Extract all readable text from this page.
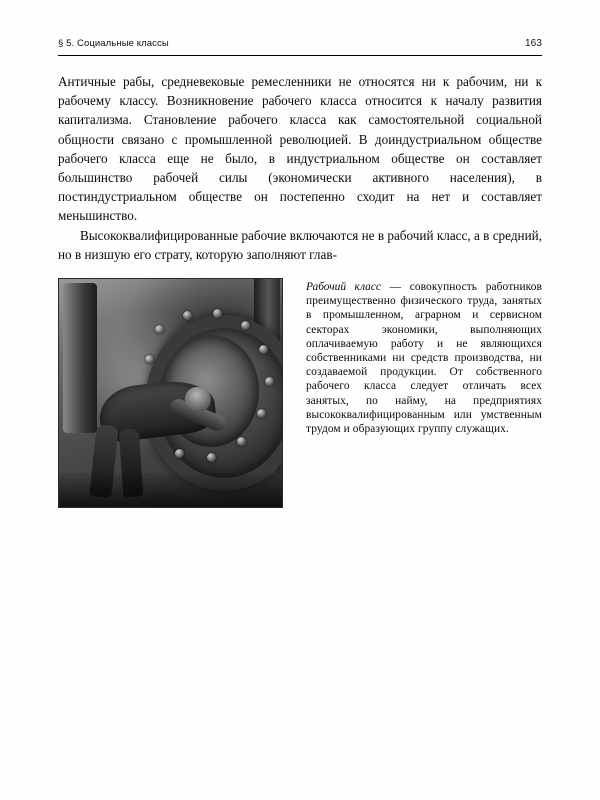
§ 5. Социальные классы	163

Античные рабы, средневековые ремесленники не относятся ни к рабочим, ни к рабочему классу. Возникновение рабочего класса относится к началу развития капитализма. Становление рабочего класса как самостоятельной социальной общности связано с промышленной революцией. В доиндустриальном обществе рабочего класса еще не было, в индустриальном обществе он составляет большинство рабочей силы (экономически активного населения), в постиндустриальном обществе он постепенно сходит на нет и составляет меньшинство.

Высококвалифицированные рабочие включаются не в рабочий класс, а в средний, но в низшую его страту, которую заполняют глав-

Рабочий класс — совокупность работников преимущественно физического труда, занятых в промышленном, аграрном и сервисном секторах экономики, выполняющих оплачиваемую работу и не являющихся собственниками ни средств производства, ни создаваемой продукции. От собственного рабочего класса следует отличать всех занятых, по найму, на предприятиях высококвалифицированным или умственным трудом и образующих группу служащих.
